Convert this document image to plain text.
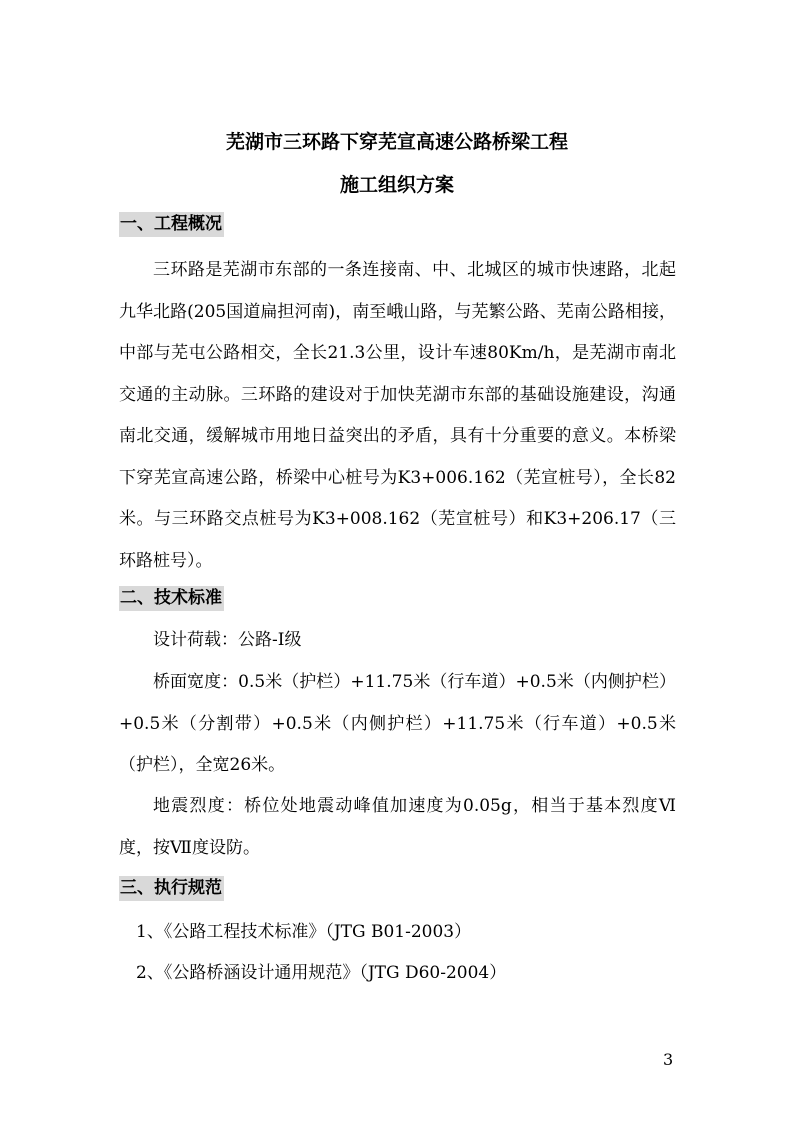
芜湖市三环路下穿芜宣高速公路桥梁工程
施工组织方案
一、工程概况

三环路是芜湖市东部的一条连接南、中、北城区的城市快速路，北起九华北路(205国道扁担河南)，南至峨山路，与芜繁公路、芜南公路相接，中部与芜屯公路相交，全长21.3公里，设计车速80Km/h，是芜湖市南北交通的主动脉。三环路的建设对于加快芜湖市东部的基础设施建设，沟通南北交通，缓解城市用地日益突出的矛盾，具有十分重要的意义。本桥梁下穿芜宣高速公路，桥梁中心桩号为K3+006.162（芜宣桩号），全长82米。与三环路交点桩号为K3+008.162（芜宣桩号）和K3+206.17（三环路桩号）。

二、技术标准

设计荷载：公路-Ⅰ级

桥面宽度：0.5米（护栏）+11.75米（行车道）+0.5米（内侧护栏）+0.5米（分割带）+0.5米（内侧护栏）+11.75米（行车道）+0.5米（护栏），全宽26米。

地震烈度：桥位处地震动峰值加速度为0.05g，相当于基本烈度Ⅵ度，按Ⅶ度设防。

三、执行规范
1、《公路工程技术标准》（JTG B01-2003）
2、《公路桥涵设计通用规范》（JTG D60-2004）
3
